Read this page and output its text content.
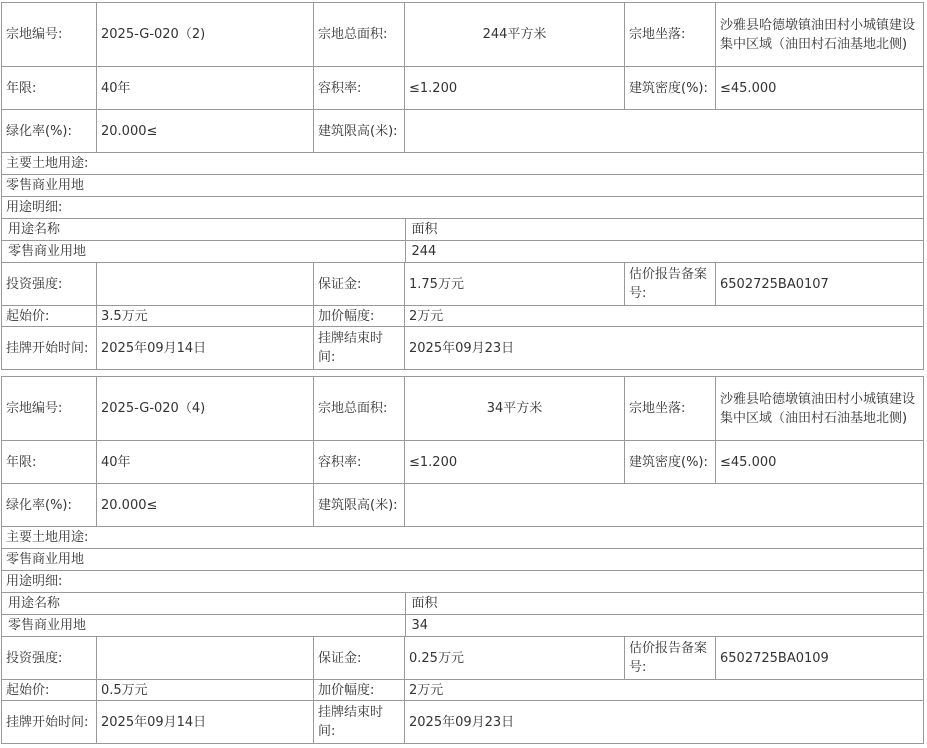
宗地编号:	2025-G-020（2)	宗地总面积:	244平方米	宗地坐落:	沙雅县哈德墩镇油田村小城镇建设集中区域（油田村石油基地北侧)
年限:	40年	容积率:	≤1.200	建筑密度(%):	≤45.000
绿化率(%):	20.000≤	建筑限高(米):	
主要土地用途:
零售商业用地
用途明细:

用途名称	面积
零售商业用地	244

投资强度:		保证金:	1.75万元	估价报告备案号:	6502725BA0107
起始价:	3.5万元	加价幅度:	2万元
挂牌开始时间:	2025年09月14日	挂牌结束时间:	2025年09月23日
宗地编号:	2025-G-020（4)	宗地总面积:	34平方米	宗地坐落:	沙雅县哈德墩镇油田村小城镇建设集中区域（油田村石油基地北侧)
年限:	40年	容积率:	≤1.200	建筑密度(%):	≤45.000
绿化率(%):	20.000≤	建筑限高(米):	
主要土地用途:
零售商业用地
用途明细:

用途名称	面积
零售商业用地	34

投资强度:		保证金:	0.25万元	估价报告备案号:	6502725BA0109
起始价:	0.5万元	加价幅度:	2万元
挂牌开始时间:	2025年09月14日	挂牌结束时间:	2025年09月23日
